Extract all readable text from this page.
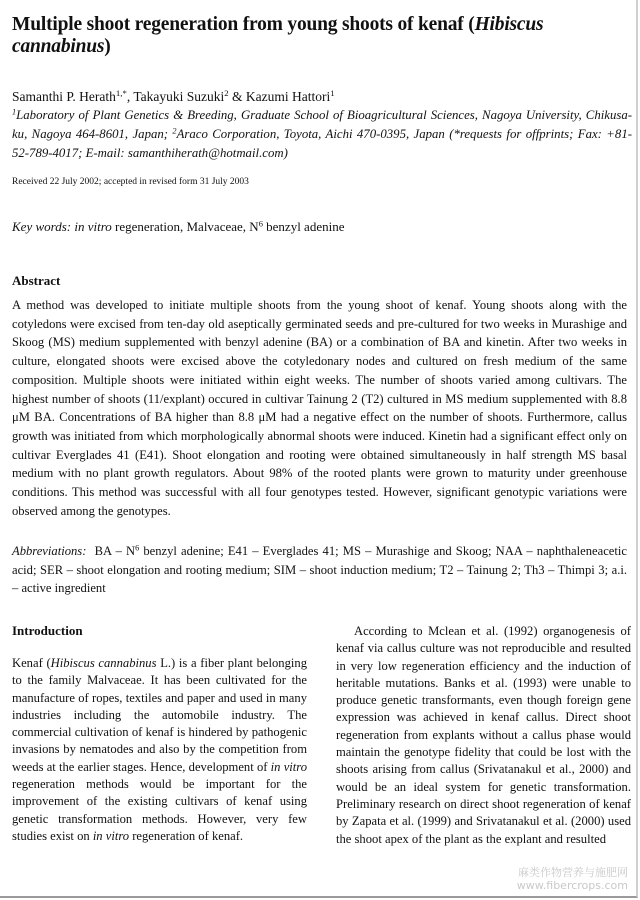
Multiple shoot regeneration from young shoots of kenaf (Hibiscus cannabinus)
Samanthi P. Herath$^{1,*}$, Takayuki Suzuki$^2$ & Kazumi Hattori$^1$
$^1$Laboratory of Plant Genetics & Breeding, Graduate School of Bioagricultural Sciences, Nagoya University, Chikusa-ku, Nagoya 464-8601, Japan; $^2$Araco Corporation, Toyota, Aichi 470-0395, Japan (*requests for offprints; Fax: +81-52-789-4017; E-mail: samanthiherath@hotmail.com)
Received 22 July 2002; accepted in revised form 31 July 2003
Key words: in vitro regeneration, Malvaceae, $N^6$ benzyl adenine
Abstract
A method was developed to initiate multiple shoots from the young shoot of kenaf. Young shoots along with the cotyledons were excised from ten-day old aseptically germinated seeds and pre-cultured for two weeks in Murashige and Skoog (MS) medium supplemented with benzyl adenine (BA) or a combination of BA and kinetin. After two weeks in culture, elongated shoots were excised above the cotyledonary nodes and cultured on fresh medium of the same composition. Multiple shoots were initiated within eight weeks. The number of shoots varied among cultivars. The highest number of shoots (11/explant) occured in cultivar Tainung 2 (T2) cultured in MS medium supplemented with 8.8 μM BA. Concentrations of BA higher than 8.8 μM had a negative effect on the number of shoots. Furthermore, callus growth was initiated from which morphologically abnormal shoots were induced. Kinetin had a significant effect only on cultivar Everglades 41 (E41). Shoot elongation and rooting were obtained simultaneously in half strength MS basal medium with no plant growth regulators. About 98% of the rooted plants were grown to maturity under greenhouse conditions. This method was successful with all four genotypes tested. However, significant genotypic variations were observed among the genotypes.
Abbreviations:  BA – $N^6$ benzyl adenine; E41 – Everglades 41; MS – Murashige and Skoog; NAA – naphthaleneacetic acid; SER – shoot elongation and rooting medium; SIM – shoot induction medium; T2 – Tainung 2; Th3 – Thimpi 3; a.i. – active ingredient
Introduction

Kenaf (Hibiscus cannabinus L.) is a fiber plant belonging to the family Malvaceae. It has been cultivated for the manufacture of ropes, textiles and paper and used in many industries including the automobile industry. The commercial cultivation of kenaf is hindered by pathogenic invasions by nematodes and also by the competition from weeds at the earlier stages. Hence, development of in vitro regeneration methods would be important for the improvement of the existing cultivars of kenaf using genetic transformation methods. However, very few studies exist on in vitro regeneration of kenaf.

According to Mclean et al. (1992) organogenesis of kenaf via callus culture was not reproducible and resulted in very low regeneration efficiency and the induction of heritable mutations. Banks et al. (1993) were unable to produce genetic transformants, even though foreign gene expression was achieved in kenaf callus. Direct shoot regeneration from explants without a callus phase would maintain the genotype fidelity that could be lost with the shoots arising from callus (Srivatanakul et al., 2000) and would be an ideal system for genetic transformation. Preliminary research on direct shoot regeneration of kenaf by Zapata et al. (1999) and Srivatanakul et al. (2000) used the shoot apex of the plant as the explant and resulted

麻类作物营养与施肥网
www.fibercrops.com
